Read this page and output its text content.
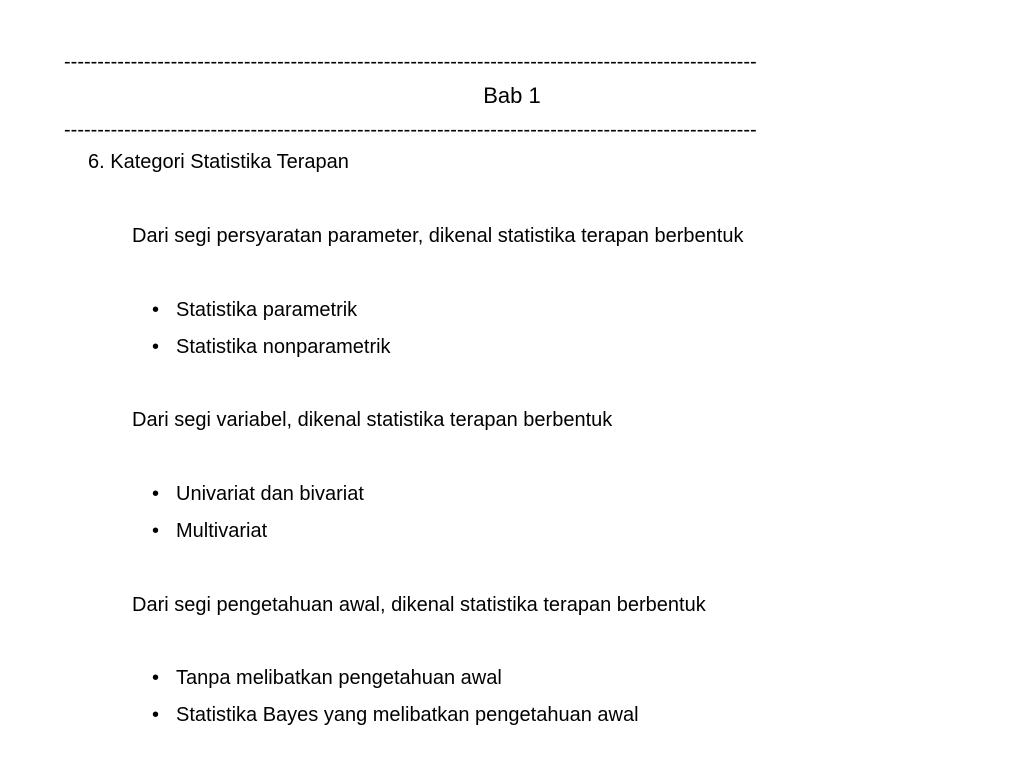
--------------------------------------------------------------------------------------------------------
Bab 1
--------------------------------------------------------------------------------------------------------
6. Kategori Statistika Terapan
Dari segi persyaratan parameter, dikenal statistika terapan berbentuk
• Statistika parametrik
• Statistika nonparametrik
Dari segi variabel, dikenal statistika terapan berbentuk
• Univariat dan bivariat
• Multivariat
Dari segi pengetahuan awal, dikenal statistika terapan berbentuk
• Tanpa melibatkan pengetahuan awal
• Statistika Bayes yang melibatkan pengetahuan awal
